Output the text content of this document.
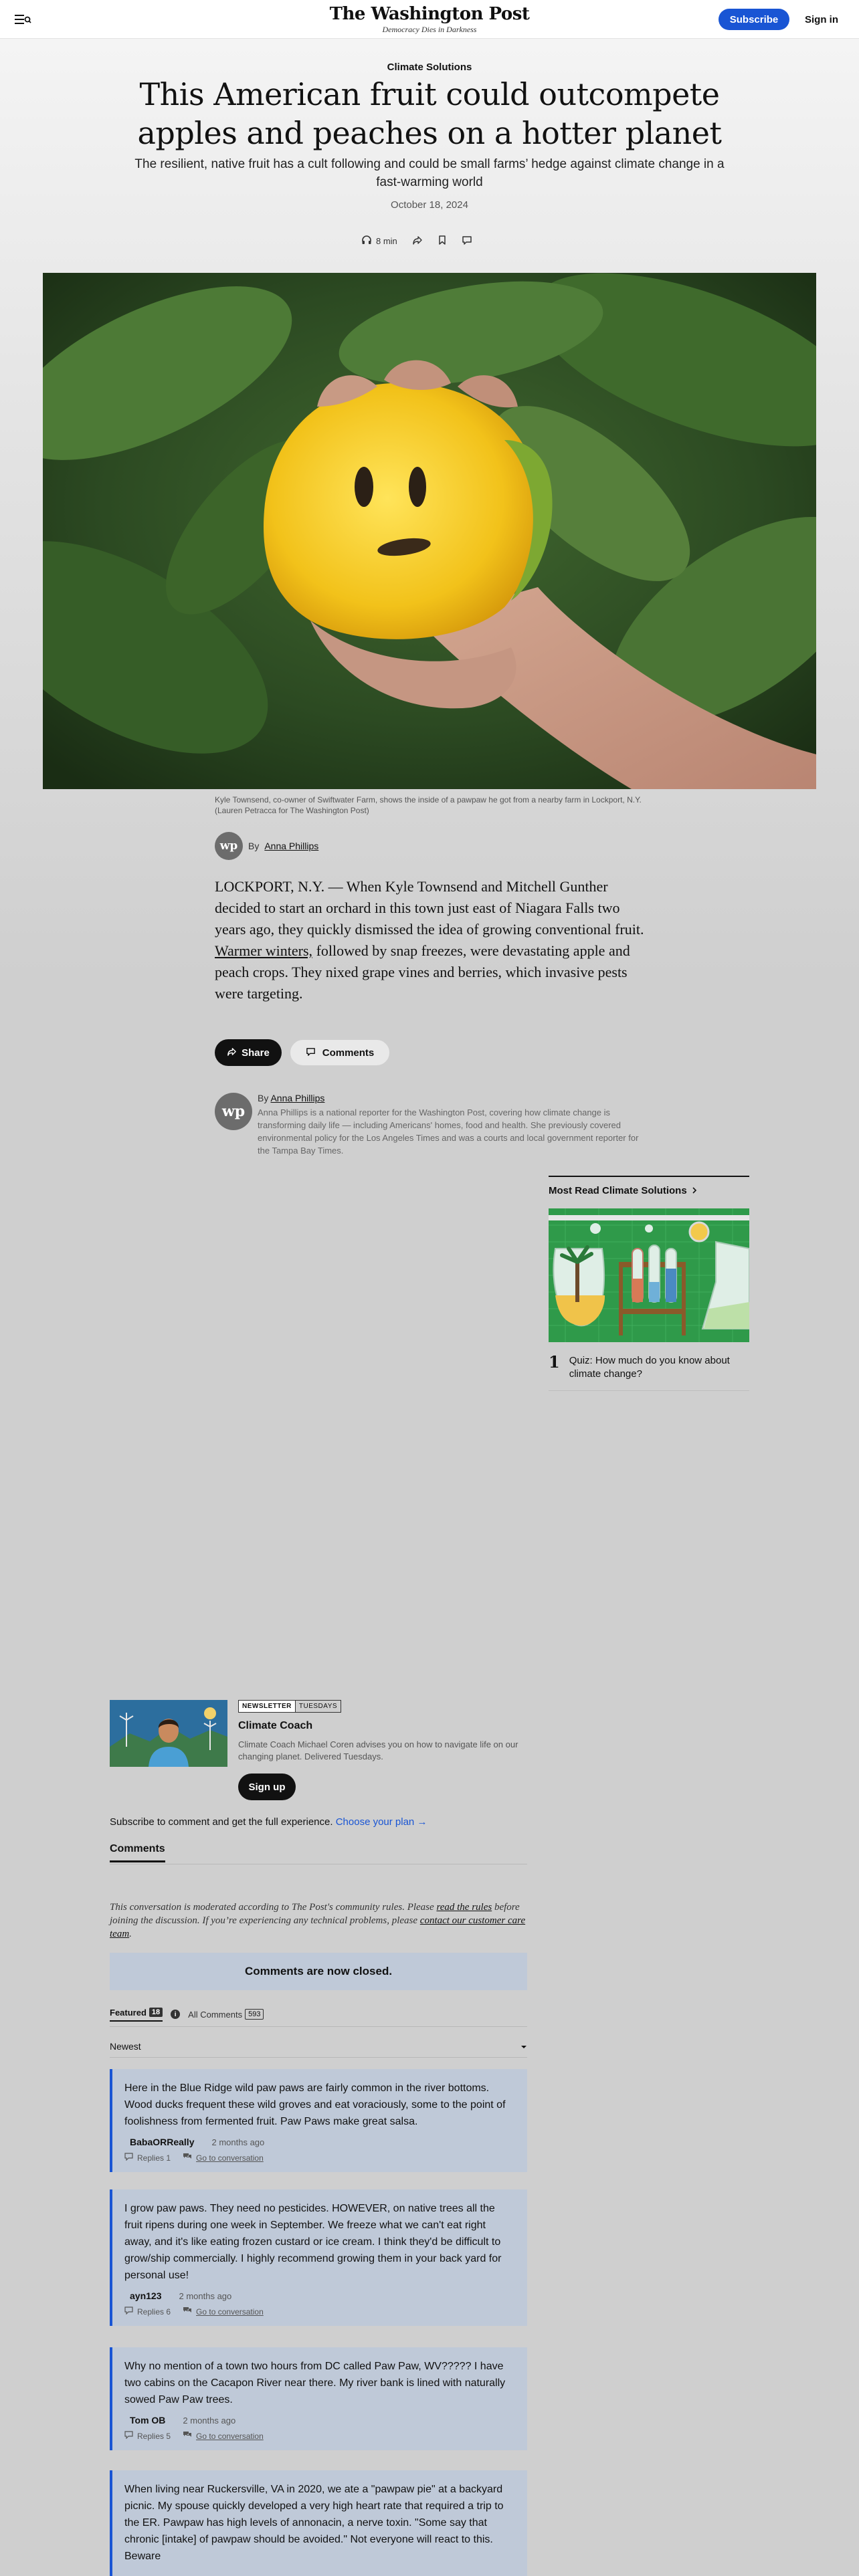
The Washington Post
Democracy Dies in Darkness
Subscribe	Sign in
Climate Solutions
This American fruit could outcompete apples and peaches on a hotter planet

The resilient, native fruit has a cult following and could be small farms’ hedge against climate change in a fast-warming world

October 18, 2024
8 min
Kyle Townsend, co-owner of Swiftwater Farm, shows the inside of a pawpaw he got from a nearby farm in Lockport, N.Y. (Lauren Petracca for The Washington Post)
wp	By Anna Phillips

LOCKPORT, N.Y. — When Kyle Townsend and Mitchell Gunther decided to start an orchard in this town just east of Niagara Falls two years ago, they quickly dismissed the idea of growing conventional fruit. Warmer winters, followed by snap freezes, were devastating apple and peach crops. They nixed grape vines and berries, which invasive pests were targeting.

Share	Comments
wp
By Anna Phillips

Anna Phillips is a national reporter for the Washington Post, covering how climate change is transforming daily life — including Americans' homes, food and health. She previously covered environmental policy for the Los Angeles Times and was a courts and local government reporter for the Tampa Bay Times.

Most Read Climate Solutions
1 Quiz: How much do you know about climate change?
NEWSLETTER	TUESDAYS
Climate Coach

Climate Coach Michael Coren advises you on how to navigate life on our changing planet. Delivered Tuesdays.

Sign up
Subscribe to comment and get the full experience. Choose your plan →
Comments

This conversation is moderated according to The Post's community rules. Please read the rules before joining the discussion. If you’re experiencing any technical problems, please contact our customer care team.

Comments are now closed.
Featured 18	i	All Comments 593
Newest

Here in the Blue Ridge wild paw paws are fairly common in the river bottoms. Wood ducks frequent these wild groves and eat voraciously, some to the point of foolishness from fermented fruit. Paw Paws make great salsa.

BabaORReally 2 months ago
Replies 1	Go to conversation

I grow paw paws. They need no pesticides. HOWEVER, on native trees all the fruit ripens during one week in September. We freeze what we can't eat right away, and it's like eating frozen custard or ice cream. I think they'd be difficult to grow/ship commercially. I highly recommend growing them in your back yard for personal use!

ayn123 2 months ago
Replies 6	Go to conversation

Why no mention of a town two hours from DC called Paw Paw, WV????? I have two cabins on the Cacapon River near there. My river bank is lined with naturally sowed Paw Paw trees.

Tom OB 2 months ago
Replies 5	Go to conversation

When living near Ruckersville, VA in 2020, we ate a "pawpaw pie" at a backyard picnic. My spouse quickly developed a very high heart rate that required a trip to the ER. Pawpaw has high levels of annonacin, a nerve toxin. "Some say that chronic [intake] of pawpaw should be avoided." Not everyone will react to this. Beware
